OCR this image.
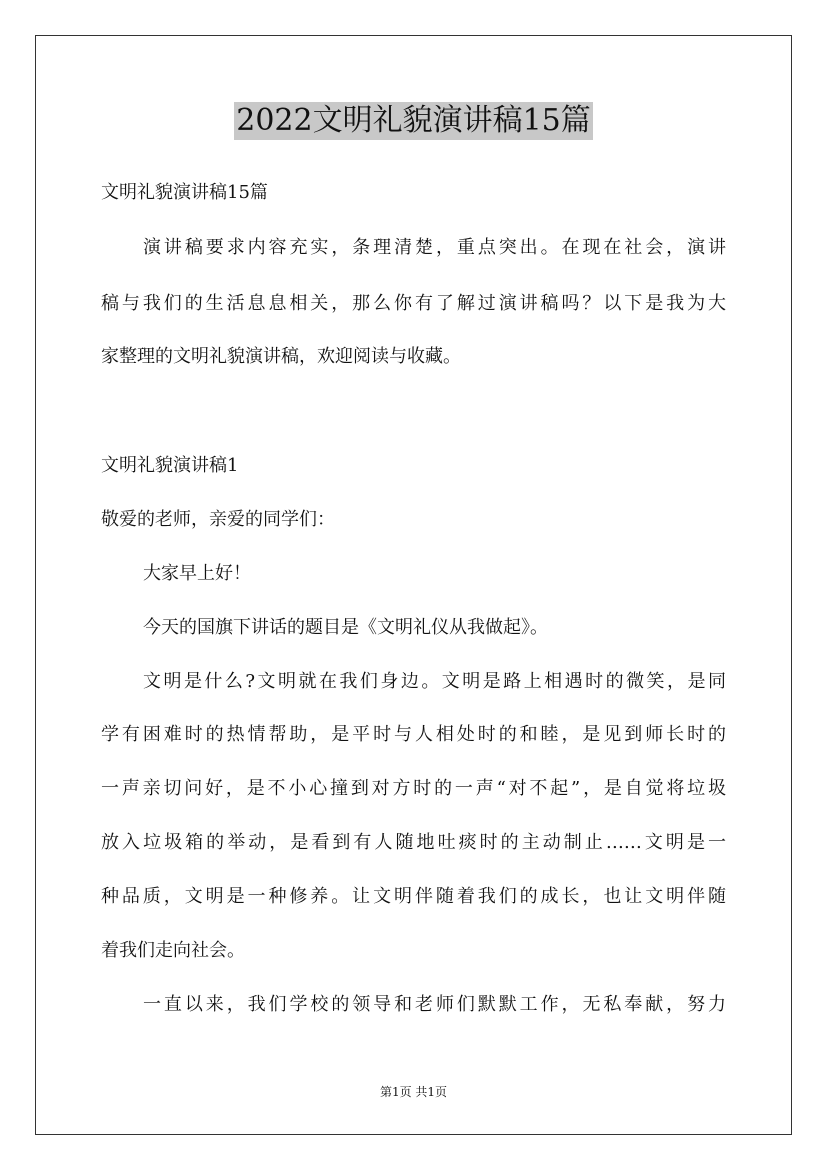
2022文明礼貌演讲稿15篇
文明礼貌演讲稿15篇
演讲稿要求内容充实，条理清楚，重点突出。在现在社会，演讲
稿与我们的生活息息相关，那么你有了解过演讲稿吗？以下是我为大
家整理的文明礼貌演讲稿，欢迎阅读与收藏。
文明礼貌演讲稿1
敬爱的老师，亲爱的同学们：
大家早上好！
今天的国旗下讲话的题目是《文明礼仪从我做起》。
文明是什么?文明就在我们身边。文明是路上相遇时的微笑，是同
学有困难时的热情帮助，是平时与人相处时的和睦，是见到师长时的
一声亲切问好，是不小心撞到对方时的一声“对不起”，是自觉将垃圾
放入垃圾箱的举动，是看到有人随地吐痰时的主动制止……文明是一
种品质，文明是一种修养。让文明伴随着我们的成长，也让文明伴随
着我们走向社会。
一直以来，我们学校的领导和老师们默默工作，无私奉献，努力
第1页 共1页
